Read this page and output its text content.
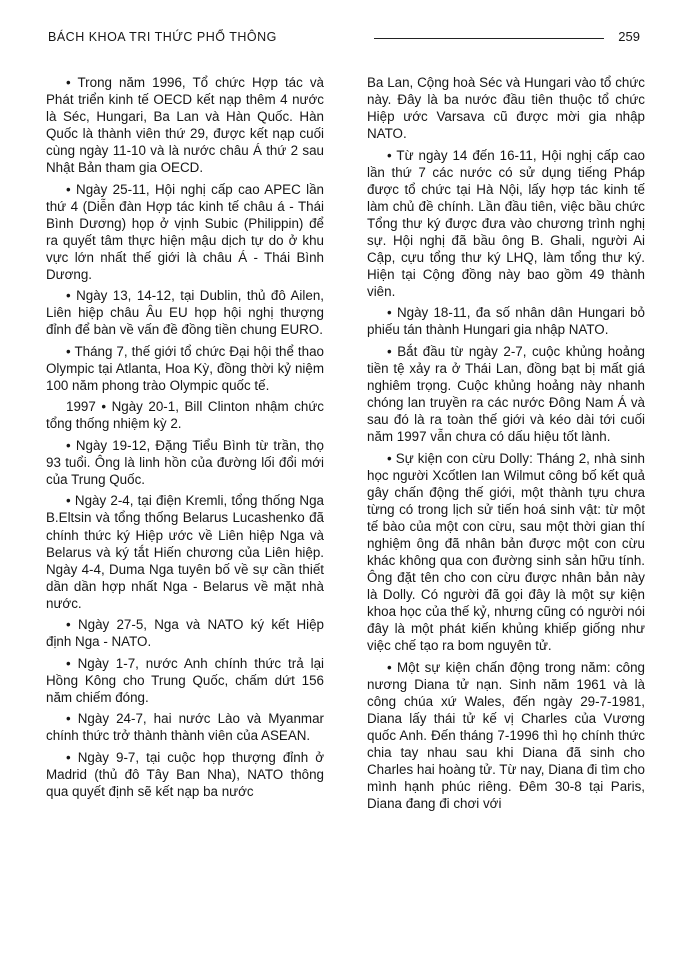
BÁCH KHOA TRI THỨC PHỔ THÔNG	259

• Trong năm 1996, Tổ chức Hợp tác và Phát triển kinh tế OECD kết nạp thêm 4 nước là Séc, Hungari, Ba Lan và Hàn Quốc. Hàn Quốc là thành viên thứ 29, được kết nạp cuối cùng ngày 11-10 và là nước châu Á thứ 2 sau Nhật Bản tham gia OECD.

• Ngày 25-11, Hội nghị cấp cao APEC lần thứ 4 (Diễn đàn Hợp tác kinh tế châu á - Thái Bình Dương) họp ở vịnh Subic (Philippin) để ra quyết tâm thực hiện mậu dịch tự do ở khu vực lớn nhất thế giới là châu Á - Thái Bình Dương.

• Ngày 13, 14-12, tại Dublin, thủ đô Ailen, Liên hiệp châu Âu EU họp hội nghị thượng đỉnh để bàn về vấn đề đồng tiền chung EURO.

• Tháng 7, thế giới tổ chức Đại hội thể thao Olympic tại Atlanta, Hoa Kỳ, đồng thời kỷ niệm 100 năm phong trào Olympic quốc tế.

1997 • Ngày 20-1, Bill Clinton nhậm chức tổng thống nhiệm kỳ 2.

• Ngày 19-12, Đặng Tiểu Bình từ trần, thọ 93 tuổi. Ông là linh hồn của đường lối đổi mới của Trung Quốc.

• Ngày 2-4, tại điện Kremli, tổng thống Nga B.Eltsin và tổng thống Belarus Lucashenko đã chính thức ký Hiệp ước về Liên hiệp Nga và Belarus và ký tắt Hiến chương của Liên hiệp. Ngày 4-4, Duma Nga tuyên bố về sự cần thiết dần dần hợp nhất Nga - Belarus về mặt nhà nước.

• Ngày 27-5, Nga và NATO ký kết Hiệp định Nga - NATO.

• Ngày 1-7, nước Anh chính thức trả lại Hồng Kông cho Trung Quốc, chấm dứt 156 năm chiếm đóng.

• Ngày 24-7, hai nước Lào và Myanmar chính thức trở thành thành viên của ASEAN.

• Ngày 9-7, tại cuộc họp thượng đỉnh ở Madrid (thủ đô Tây Ban Nha), NATO thông qua quyết định sẽ kết nạp ba nước

Ba Lan, Cộng hoà Séc và Hungari vào tổ chức này. Đây là ba nước đầu tiên thuộc tổ chức Hiệp ước Varsava cũ được mời gia nhập NATO.

• Từ ngày 14 đến 16-11, Hội nghị cấp cao lần thứ 7 các nước có sử dụng tiếng Pháp được tổ chức tại Hà Nội, lấy hợp tác kinh tế làm chủ đề chính. Lần đầu tiên, việc bầu chức Tổng thư ký được đưa vào chương trình nghị sự. Hội nghị đã bầu ông B. Ghali, người Ai Cập, cựu tổng thư ký LHQ, làm tổng thư ký. Hiện tại Cộng đồng này bao gồm 49 thành viên.

• Ngày 18-11, đa số nhân dân Hungari bỏ phiếu tán thành Hungari gia nhập NATO.

• Bắt đầu từ ngày 2-7, cuộc khủng hoảng tiền tệ xảy ra ở Thái Lan, đồng bạt bị mất giá nghiêm trọng. Cuộc khủng hoảng này nhanh chóng lan truyền ra các nước Đông Nam Á và sau đó là ra toàn thế giới và kéo dài tới cuối năm 1997 vẫn chưa có dấu hiệu tốt lành.

• Sự kiện con cừu Dolly: Tháng 2, nhà sinh học người Xcốtlen Ian Wilmut công bố kết quả gây chấn động thế giới, một thành tựu chưa từng có trong lịch sử tiến hoá sinh vật: từ một tế bào của một con cừu, sau một thời gian thí nghiệm ông đã nhân bản được một con cừu khác không qua con đường sinh sản hữu tính. Ông đặt tên cho con cừu được nhân bản này là Dolly. Có người đã gọi đây là một sự kiện khoa học của thế kỷ, nhưng cũng có người nói đây là một phát kiến khủng khiếp giống như việc chế tạo ra bom nguyên tử.

• Một sự kiện chấn động trong năm: công nương Diana tử nạn. Sinh năm 1961 và là công chúa xứ Wales, đến ngày 29-7-1981, Diana lấy thái tử kế vị Charles của Vương quốc Anh. Đến tháng 7-1996 thì họ chính thức chia tay nhau sau khi Diana đã sinh cho Charles hai hoàng tử. Từ nay, Diana đi tìm cho mình hạnh phúc riêng. Đêm 30-8 tại Paris, Diana đang đi chơi với
